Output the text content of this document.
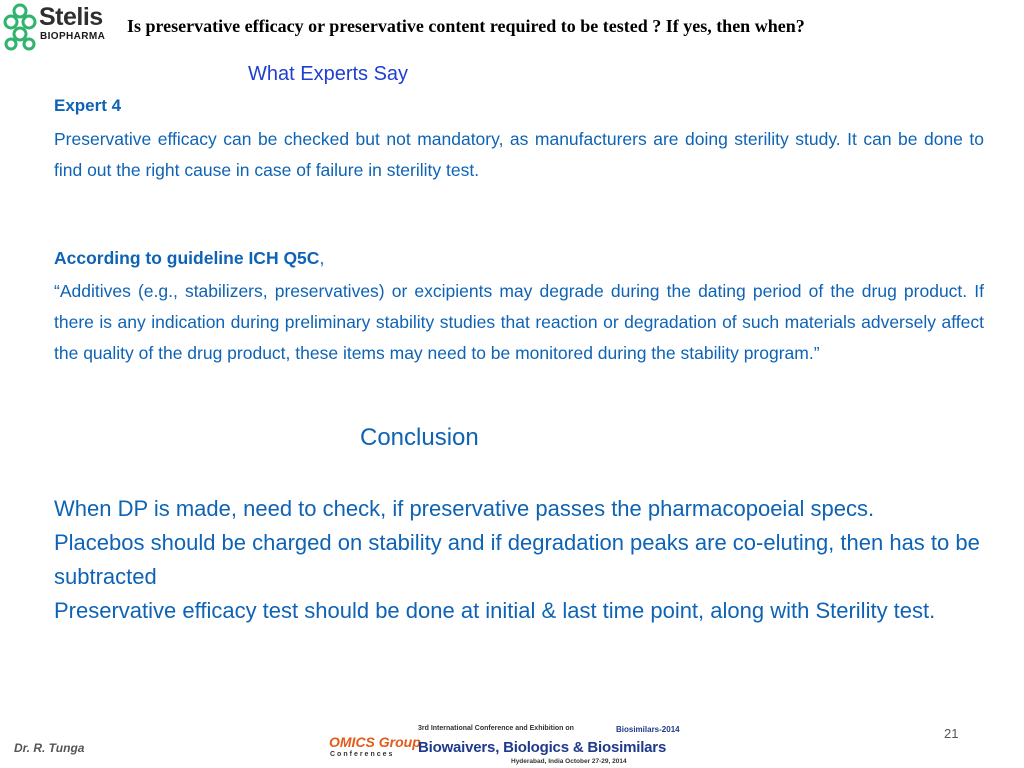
Stelis
BIOPHARMA
Is preservative efficacy or preservative content required to be tested ? If yes, then when?
What Experts Say
Expert 4

Preservative efficacy can be checked but not mandatory, as manufacturers are doing sterility study. It can be done to find out the right cause in case of failure in sterility test.

According to guideline ICH Q5C,

“Additives (e.g., stabilizers, preservatives) or excipients may degrade during the dating period of the drug product. If there is any indication during preliminary stability studies that reaction or degradation of such materials adversely affect the quality of the drug product, these items may need to be monitored during the stability program.”

Conclusion
When DP is made, need to check, if preservative passes the pharmacopoeial specs.
Placebos should be charged on stability and if degradation peaks are co-eluting, then has to be subtracted
Preservative efficacy test should be done at initial & last time point, along with Sterility test.
Dr. R. Tunga	OMICS Group
Conferences
3rd International Conference and Exhibition on	Biosimilars-2014
Biowaivers, Biologics & Biosimilars
Hyderabad, India October 27-29, 2014
21
